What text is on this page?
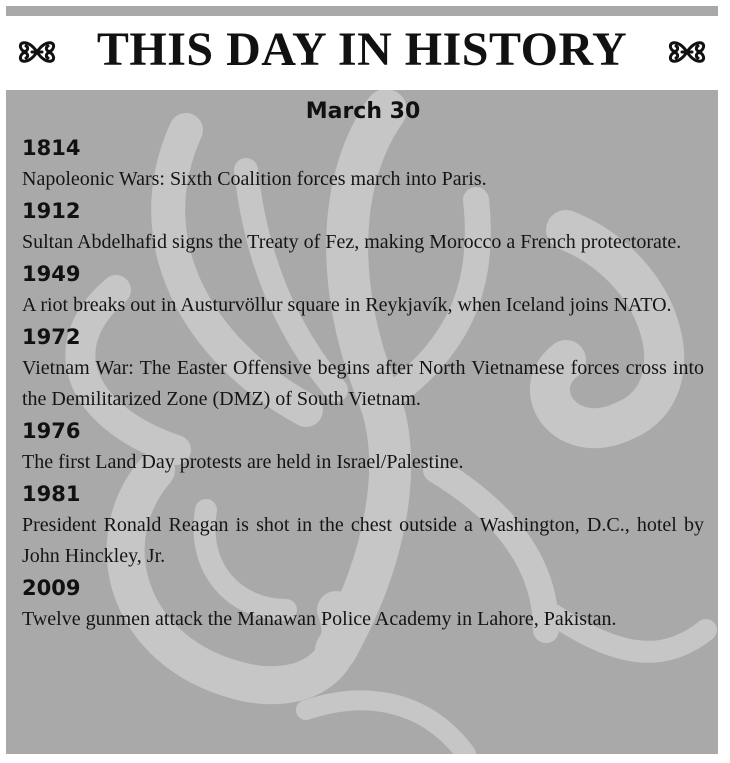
THIS DAY IN HISTORY
March 30
1814
Napoleonic Wars: Sixth Coalition forces march into Paris.
1912
Sultan Abdelhafid signs the Treaty of Fez, making Morocco a French protectorate.
1949
A riot breaks out in Austurvöllur square in Reykjavík, when Iceland joins NATO.
1972
Vietnam War: The Easter Offensive begins after North Vietnamese forces cross into the Demilitarized Zone (DMZ) of South Vietnam.
1976
The first Land Day protests are held in Israel/Palestine.
1981
President Ronald Reagan is shot in the chest outside a Washington, D.C., hotel by John Hinckley, Jr.
2009
Twelve gunmen attack the Manawan Police Academy in Lahore, Pakistan.
